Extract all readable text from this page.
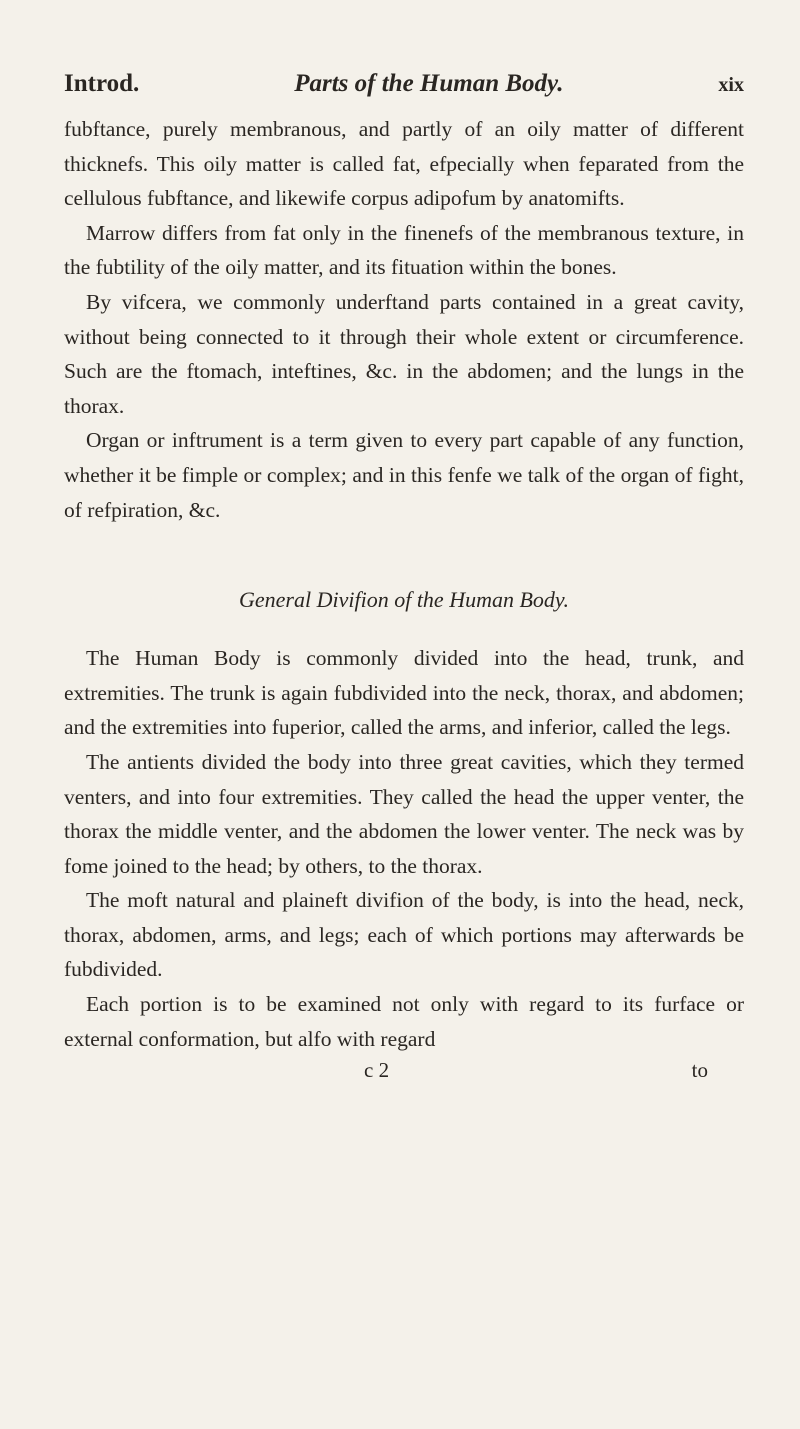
Introd.	Parts of the Human Body.	xix

fubftance, purely membranous, and partly of an oily matter of different thicknefs. This oily matter is called fat, efpecially when feparated from the cellulous fubftance, and likewife corpus adipofum by anatomifts.

Marrow differs from fat only in the finenefs of the membranous texture, in the fubtility of the oily matter, and its fituation within the bones.

By vifcera, we commonly underftand parts contained in a great cavity, without being connected to it through their whole extent or circumference. Such are the ftomach, inteftines, &c. in the abdomen; and the lungs in the thorax.

Organ or inftrument is a term given to every part capable of any function, whether it be fimple or complex; and in this fenfe we talk of the organ of fight, of refpiration, &c.

General Divifion of the Human Body.

The Human Body is commonly divided into the head, trunk, and extremities. The trunk is again fubdivided into the neck, thorax, and abdomen; and the extremities into fuperior, called the arms, and inferior, called the legs.

The antients divided the body into three great cavities, which they termed venters, and into four extremities. They called the head the upper venter, the thorax the middle venter, and the abdomen the lower venter. The neck was by fome joined to the head; by others, to the thorax.

The moft natural and plaineft divifion of the body, is into the head, neck, thorax, abdomen, arms, and legs; each of which portions may afterwards be fubdivided.

Each portion is to be examined not only with regard to its furface or external conformation, but alfo with regard

c 2	to
